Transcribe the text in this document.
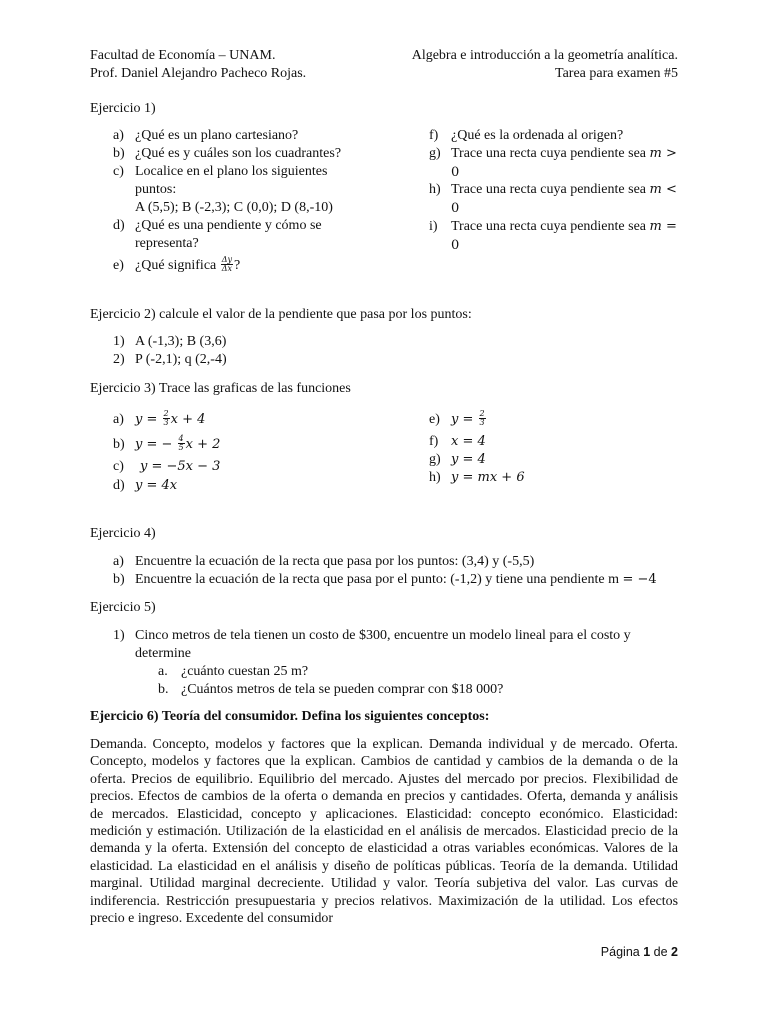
Facultad de Economía – UNAM.
Prof. Daniel Alejandro Pacheco Rojas.
Algebra e introducción a la geometría analítica.
Tarea para examen #5
Ejercicio 1)
a) ¿Qué es un plano cartesiano?
b) ¿Qué es y cuáles son los cuadrantes?
c) Localice en el plano los siguientes
puntos:
A (5,5); B (-2,3); C (0,0); D (8,-10)
d) ¿Qué es una pendiente y cómo se
representa?
e) ¿Qué significa $\frac{\Delta y}{\Delta x}$ ?
f) ¿Qué es la ordenada al origen?
g) Trace una recta cuya pendiente sea m >
0
h) Trace una recta cuya pendiente sea m <
0
i) Trace una recta cuya pendiente sea m =
0
Ejercicio 2) calcule el valor de la pendiente que pasa por los puntos:
1) A (-1,3); B (3,6)
2) P (-2,1); q (2,-4)
Ejercicio 3) Trace las graficas de las funciones
a) $y = \frac{2}{3}$ x + 4
b) y = − $\frac{4}{5}$ x + 2
c) y = −5x − 3
d) y = 4x
e) $y = \frac{2}{3}$
f) x = 4
g) y = 4
h) y = mx + 6
Ejercicio 4)
a) Encuentre la ecuación de la recta que pasa por los puntos: (3,4) y (-5,5)
b) Encuentre la ecuación de la recta que pasa por el punto: (-1,2) y tiene una pendiente m = −4
Ejercicio 5)
1) Cinco metros de tela tienen un costo de $300, encuentre un modelo lineal para el costo y
determine
a. ¿cuánto cuestan 25 m?
b. ¿Cuántos metros de tela se pueden comprar con $18 000?
Ejercicio 6) Teoría del consumidor. Defina los siguientes conceptos:
Demanda. Concepto, modelos y factores que la explican. Demanda individual y de mercado. Oferta. Concepto, modelos y factores que la explican. Cambios de cantidad y cambios de la demanda o de la oferta. Precios de equilibrio. Equilibrio del mercado. Ajustes del mercado por precios. Flexibilidad de precios. Efectos de cambios de la oferta o demanda en precios y cantidades. Oferta, demanda y análisis de mercados. Elasticidad, concepto y aplicaciones. Elasticidad: concepto económico. Elasticidad: medición y estimación. Utilización de la elasticidad en el análisis de mercados. Elasticidad precio de la demanda y la oferta. Extensión del concepto de elasticidad a otras variables económicas. Valores de la elasticidad. La elasticidad en el análisis y diseño de políticas públicas. Teoría de la demanda. Utilidad marginal. Utilidad marginal decreciente. Utilidad y valor. Teoría subjetiva del valor. Las curvas de indiferencia. Restricción presupuestaria y precios relativos. Maximización de la utilidad. Los efectos precio e ingreso. Excedente del consumidor
Página 1 de 2
